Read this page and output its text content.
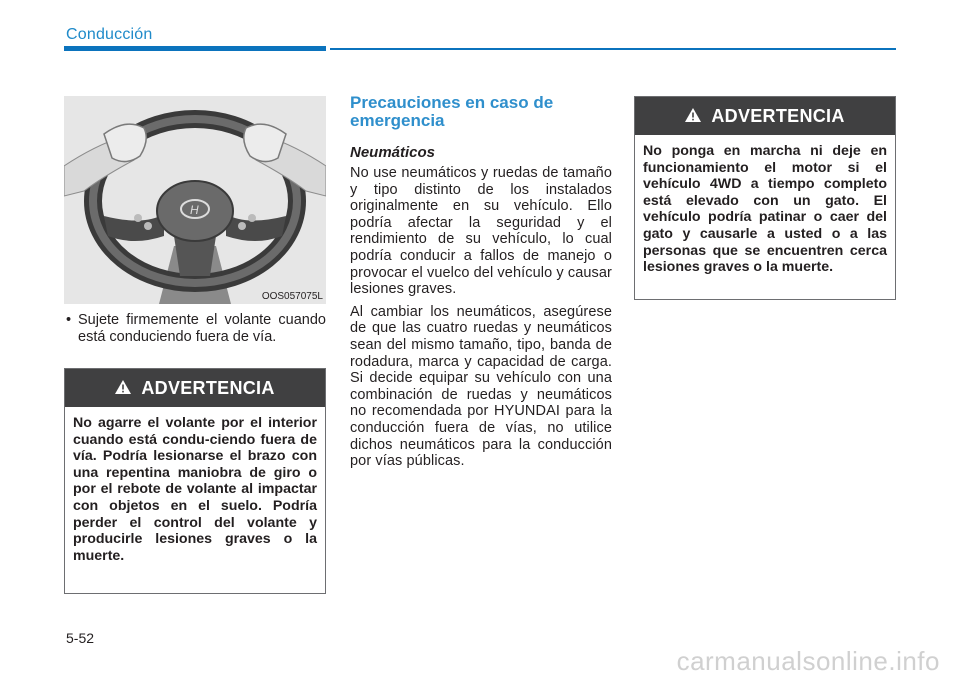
Conducción
H
OOS057075L
• Sujete firmemente el volante cuando está conduciendo fuera de vía.
ADVERTENCIA
No agarre el volante por el interior cuando está condu-ciendo fuera de vía. Podría lesionarse el brazo con una repentina maniobra de giro o por el rebote de volante al impactar con objetos en el suelo. Podría perder el control del volante y producirle lesiones graves o la muerte.
Precauciones en caso de emergencia
Neumáticos

No use neumáticos y ruedas de tamaño y tipo distinto de los instalados originalmente en su vehículo. Ello podría afectar la seguridad y el rendimiento de su vehículo, lo cual podría conducir a fallos de manejo o provocar el vuelco del vehículo y causar lesiones graves.

Al cambiar los neumáticos, asegúrese de que las cuatro ruedas y neumáticos sean del mismo tamaño, tipo, banda de rodadura, marca y capacidad de carga. Si decide equipar su vehículo con una combinación de ruedas y neumáticos no recomendada por HYUNDAI para la conducción fuera de vías, no utilice dichos neumáticos para la conducción por vías públicas.

ADVERTENCIA
No ponga en marcha ni deje en funcionamiento el motor si el vehículo 4WD a tiempo completo está elevado con un gato. El vehículo podría patinar o caer del gato y causarle a usted o a las personas que se encuentren cerca lesiones graves o la muerte.
5-52
carmanualsonline.info
